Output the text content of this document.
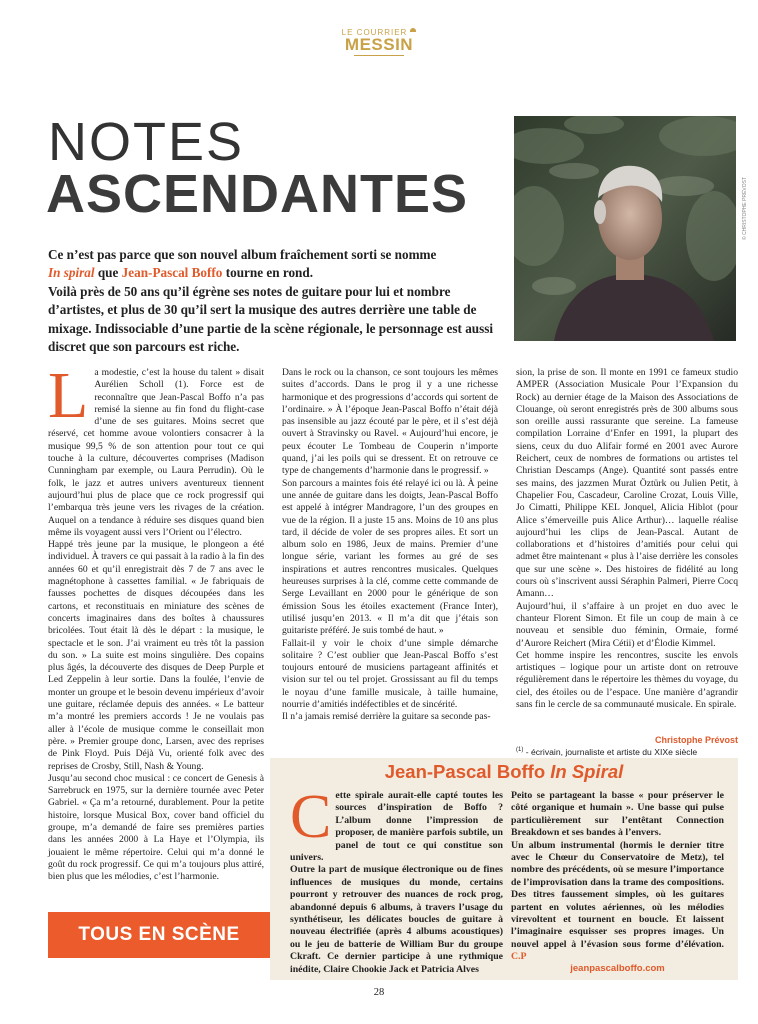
LE COURRIER
MESSIN
NOTES
ASCENDANTES
Ce n’est pas parce que son nouvel album fraîchement sorti se nomme
In spiral que Jean-Pascal Boffo tourne en rond.
Voilà près de 50 ans qu’il égrène ses notes de guitare pour lui et nombre d’artistes, et plus de 30 qu’il sert la musique des autres derrière une table de mixage. Indissociable d’une partie de la scène régionale, le personnage est aussi discret que son parcours est riche.
© CHRISTOPHE PRÉVOST
L a modestie, c’est la house du talent » disait Aurélien Scholl (1). Force est de reconnaître que Jean-Pascal Boffo n’a pas remisé la sienne au fin fond du flight-case d’une de ses guitares. Moins secret que réservé, cet homme avoue volontiers consacrer à la musique 99,5 % de son attention pour tout ce qui touche à la culture, découvertes comprises (Madison Cunningham par exemple, ou Laura Perrudin). Où le folk, le jazz et autres univers aventureux tiennent aujourd’hui plus de place que ce rock progressif qui l’embarqua très jeune vers les rivages de la création. Auquel on a tendance à réduire ses disques quand bien même ils voyagent aussi vers l’Orient ou l’électro.

Happé très jeune par la musique, le plongeon a été individuel. À travers ce qui passait à la radio à la fin des années 60 et qu’il enregistrait dès 7 de 7 ans avec le magnétophone à cassettes familial. « Je fabriquais de fausses pochettes de disques découpées dans les cartons, et reconstituais en miniature des scènes de concerts imaginaires dans des boîtes à chaussures bricolées. Tout était là dès le départ : la musique, le spectacle et le son. J’ai vraiment eu très tôt la passion du son. » La suite est moins singulière. Des copains plus âgés, la découverte des disques de Deep Purple et Led Zeppelin à leur sortie. Dans la foulée, l’envie de monter un groupe et le besoin devenu impérieux d’avoir une guitare, réclamée depuis des années. « Le batteur m’a montré les premiers accords ! Je ne voulais pas aller à l’école de musique comme le conseillait mon père. » Premier groupe donc, Larsen, avec des reprises de Pink Floyd. Puis Déjà Vu, orienté folk avec des reprises de Crosby, Still, Nash & Young.

Jusqu’au second choc musical : ce concert de Genesis à Sarrebruck en 1975, sur la dernière tournée avec Peter Gabriel. « Ça m’a retourné, durablement. Pour la petite histoire, lorsque Musical Box, cover band officiel du groupe, m’a demandé de faire ses premières parties dans les années 2000 à La Haye et l’Olympia, ils jouaient le même répertoire. Celui qui m’a donné le goût du rock progressif. Ce qui m’a toujours plus attiré, bien plus que les mélodies, c’est l’harmonie.

Dans le rock ou la chanson, ce sont toujours les mêmes suites d’accords. Dans le prog il y a une richesse harmonique et des progressions d’accords qui sortent de l’ordinaire. » À l’époque Jean-Pascal Boffo n’était déjà pas insensible au jazz écouté par le père, et il s’est déjà ouvert à Stravinsky ou Ravel. « Aujourd’hui encore, je peux écouter Le Tombeau de Couperin n’importe quand, j’ai les poils qui se dressent. Et on retrouve ce type de changements d’harmonie dans le progressif. »

Son parcours a maintes fois été relayé ici ou là. À peine une année de guitare dans les doigts, Jean-Pascal Boffo est appelé à intégrer Mandragore, l’un des groupes en vue de la région. Il a juste 15 ans. Moins de 10 ans plus tard, il décide de voler de ses propres ailes. Et sort un album solo en 1986, Jeux de mains. Premier d’une longue série, variant les formes au gré de ses inspirations et autres rencontres musicales. Quelques heureuses surprises à la clé, comme cette commande de Serge Levaillant en 2000 pour le générique de son émission Sous les étoiles exactement (France Inter), utilisé jusqu’en 2013. « Il m’a dit que j’étais son guitariste préféré. Je suis tombé de haut. »

Fallait-il y voir le choix d’une simple démarche solitaire ? C’est oublier que Jean-Pascal Boffo s’est toujours entouré de musiciens partageant affinités et vision sur tel ou tel projet. Grossissant au fil du temps le noyau d’une famille musicale, à taille humaine, nourrie d’amitiés indéfectibles et de sincérité.

Il n’a jamais remisé derrière la guitare sa seconde pas-

sion, la prise de son. Il monte en 1991 ce fameux studio AMPER (Association Musicale Pour l’Expansion du Rock) au dernier étage de la Maison des Associations de Clouange, où seront enregistrés près de 300 albums sous son oreille aussi rassurante que sereine. La fameuse compilation Lorraine d’Enfer en 1991, la plupart des siens, ceux du duo Alifair formé en 2001 avec Aurore Reichert, ceux de nombres de formations ou artistes tel Christian Descamps (Ange). Quantité sont passés entre ses mains, des jazzmen Murat Öztürk ou Julien Petit, à Chapelier Fou, Cascadeur, Caroline Crozat, Louis Ville, Jo Cimatti, Philippe KEL Jonquel, Alicia Hiblot (pour Alice s’émerveille puis Alice Arthur)… laquelle réalise aujourd’hui les clips de Jean-Pascal. Autant de collaborations et d’histoires d’amitiés pour celui qui admet être maintenant « plus à l’aise derrière les consoles que sur une scène ». Des histoires de fidélité au long cours où s’inscrivent aussi Séraphin Palmeri, Pierre Cocq Amann…

Aujourd’hui, il s’affaire à un projet en duo avec le chanteur Florent Simon. Et file un coup de main à ce nouveau et sensible duo féminin, Ormaie, formé d’Aurore Reichert (Mira Cétii) et d’Élodie Kimmel.

Cet homme inspire les rencontres, suscite les envols artistiques – logique pour un artiste dont on retrouve régulièrement dans le répertoire les thèmes du voyage, du ciel, des étoiles ou de l’espace. Une manière d’agrandir sans fin le cercle de sa communauté musicale. En spirale.

Christophe Prévost
$^{(1)}$ - écrivain, journaliste et artiste du XIXe siècle
Jean-Pascal Boffo In Spiral
C ette spirale aurait-elle capté toutes les sources d’inspiration de Boffo ? L’album donne l’impression de proposer, de manière parfois subtile, un panel de tout ce qui constitue son univers.

Outre la part de musique électronique ou de fines influences de musiques du monde, certains pourront y retrouver des nuances de rock prog, abandonné depuis 6 albums, à travers l’usage du synthétiseur, les délicates boucles de guitare à nouveau électrifiée (après 4 albums acoustiques) ou le jeu de batterie de William Bur du groupe Ckraft. Ce dernier participe à une rythmique inédite, Claire Chookie Jack et Patricia Alves

Peito se partageant la basse « pour préserver le côté organique et humain ». Une basse qui pulse particulièrement sur l’entêtant Connection Breakdown et ses bandes à l’envers.

Un album instrumental (hormis le dernier titre avec le Chœur du Conservatoire de Metz), tel nombre des précédents, où se mesure l’importance de l’improvisation dans la trame des compositions. Des titres faussement simples, où les guitares partent en volutes aériennes, où les mélodies virevoltent et tournent en boucle. Et laissent l’imaginaire esquisser ses propres images. Un nouvel appel à l’évasion sous forme d’élévation. C.P

jeanpascalboffo.com
TOUS EN SCÈNE
28
